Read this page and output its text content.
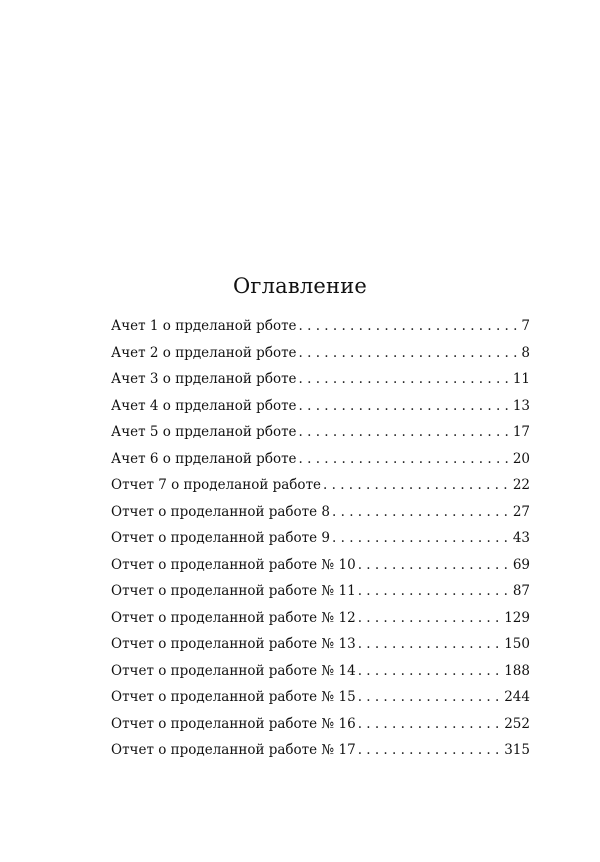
Оглавление
Ачет 1 о прделаной рботе . . .	7
Ачет 2 о прделаной рботе . . .	8
Ачет 3 о прделаной рботе . . .	11
Ачет 4 о прделаной рботе . . .	13
Ачет 5 о прделаной рботе . . .	17
Ачет 6 о прделаной рботе . . .	20
Отчет 7 о проделаной работе . . .	22
Отчет о проделанной работе 8 . . .	27
Отчет о проделанной работе 9 . . .	43
Отчет о проделанной работе № 10 . . .	69
Отчет о проделанной работе № 11 . . .	87
Отчет о проделанной работе № 12 . . .	129
Отчет о проделанной работе № 13 . . .	150
Отчет о проделанной работе № 14 . . .	188
Отчет о проделанной работе № 15 . . .	244
Отчет о проделанной работе № 16 . . .	252
Отчет о проделанной работе № 17 . . .	315
